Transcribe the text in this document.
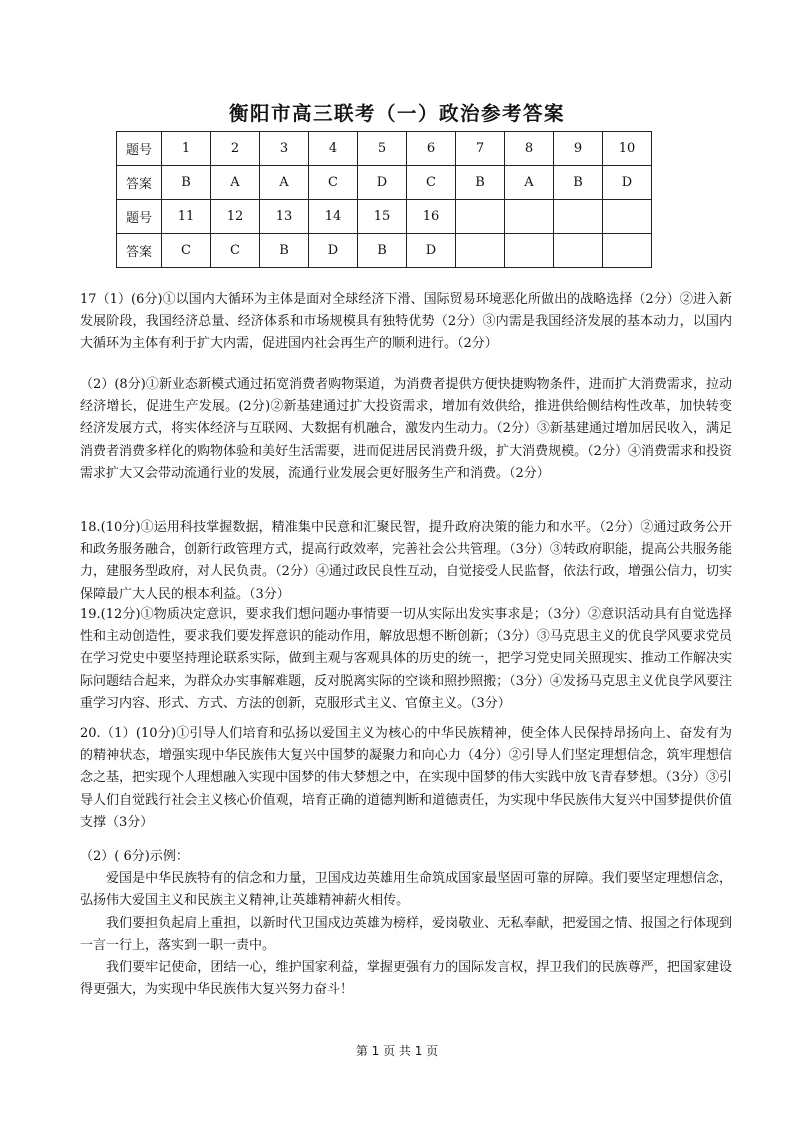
衡阳市高三联考（一）政治参考答案
题号	1	2	3	4	5	6	7	8	9	10
答案	B	A	A	C	D	C	B	A	B	D
题号	11	12	13	14	15	16				
答案	C	C	B	D	B	D				

17（1）(6分)①以国内大循环为主体是面对全球经济下滑、国际贸易环境恶化所做出的战略选择（2分）②进入新发展阶段，我国经济总量、经济体系和市场规模具有独特优势（2分）③内需是我国经济发展的基本动力，以国内大循环为主体有利于扩大内需，促进国内社会再生产的顺利进行。（2分）

（2）(8分)①新业态新模式通过拓宽消费者购物渠道，为消费者提供方便快捷购物条件，进而扩大消费需求，拉动经济增长，促进生产发展。(2分)②新基建通过扩大投资需求，增加有效供给，推进供给侧结构性改革，加快转变经济发展方式，将实体经济与互联网、大数据有机融合，激发内生动力。（2分）③新基建通过增加居民收入，满足消费者消费多样化的购物体验和美好生活需要，进而促进居民消费升级，扩大消费规模。（2分）④消费需求和投资需求扩大又会带动流通行业的发展，流通行业发展会更好服务生产和消费。（2分）

18.(10分)①运用科技掌握数据，精准集中民意和汇聚民智，提升政府决策的能力和水平。（2分）②通过政务公开和政务服务融合，创新行政管理方式，提高行政效率，完善社会公共管理。（3分）③转政府职能，提高公共服务能力，建服务型政府，对人民负责。（2分）④通过政民良性互动，自觉接受人民监督，依法行政，增强公信力，切实保障最广大人民的根本利益。（3分）

19.(12分)①物质决定意识，要求我们想问题办事情要一切从实际出发实事求是；（3分）②意识活动具有自觉选择性和主动创造性，要求我们要发挥意识的能动作用，解放思想不断创新；（3分）③马克思主义的优良学风要求党员在学习党史中要坚持理论联系实际，做到主观与客观具体的历史的统一，把学习党史同关照现实、推动工作解决实际问题结合起来，为群众办实事解难题，反对脱离实际的空谈和照抄照搬；（3分）④发扬马克思主义优良学风要注重学习内容、形式、方式、方法的创新，克服形式主义、官僚主义。（3分）

20.（1）(10分)①引导人们培育和弘扬以爱国主义为核心的中华民族精神，使全体人民保持昂扬向上、奋发有为的精神状态，增强实现中华民族伟大复兴中国梦的凝聚力和向心力（4分）②引导人们坚定理想信念，筑牢理想信念之基，把实现个人理想融入实现中国梦的伟大梦想之中，在实现中国梦的伟大实践中放飞青春梦想。（3分）③引导人们自觉践行社会主义核心价值观，培育正确的道德判断和道德责任，为实现中华民族伟大复兴中国梦提供价值支撑（3分）

（2）( 6分)示例：

爱国是中华民族特有的信念和力量，卫国戍边英雄用生命筑成国家最坚固可靠的屏障。我们要坚定理想信念，弘扬伟大爱国主义和民族主义精神,让英雄精神薪火相传。

我们要担负起肩上重担，以新时代卫国戍边英雄为榜样，爱岗敬业、无私奉献，把爱国之情、报国之行体现到一言一行上，落实到一职一责中。

我们要牢记使命，团结一心，维护国家利益，掌握更强有力的国际发言权，捍卫我们的民族尊严，把国家建设得更强大，为实现中华民族伟大复兴努力奋斗！

第 1 页 共 1 页
